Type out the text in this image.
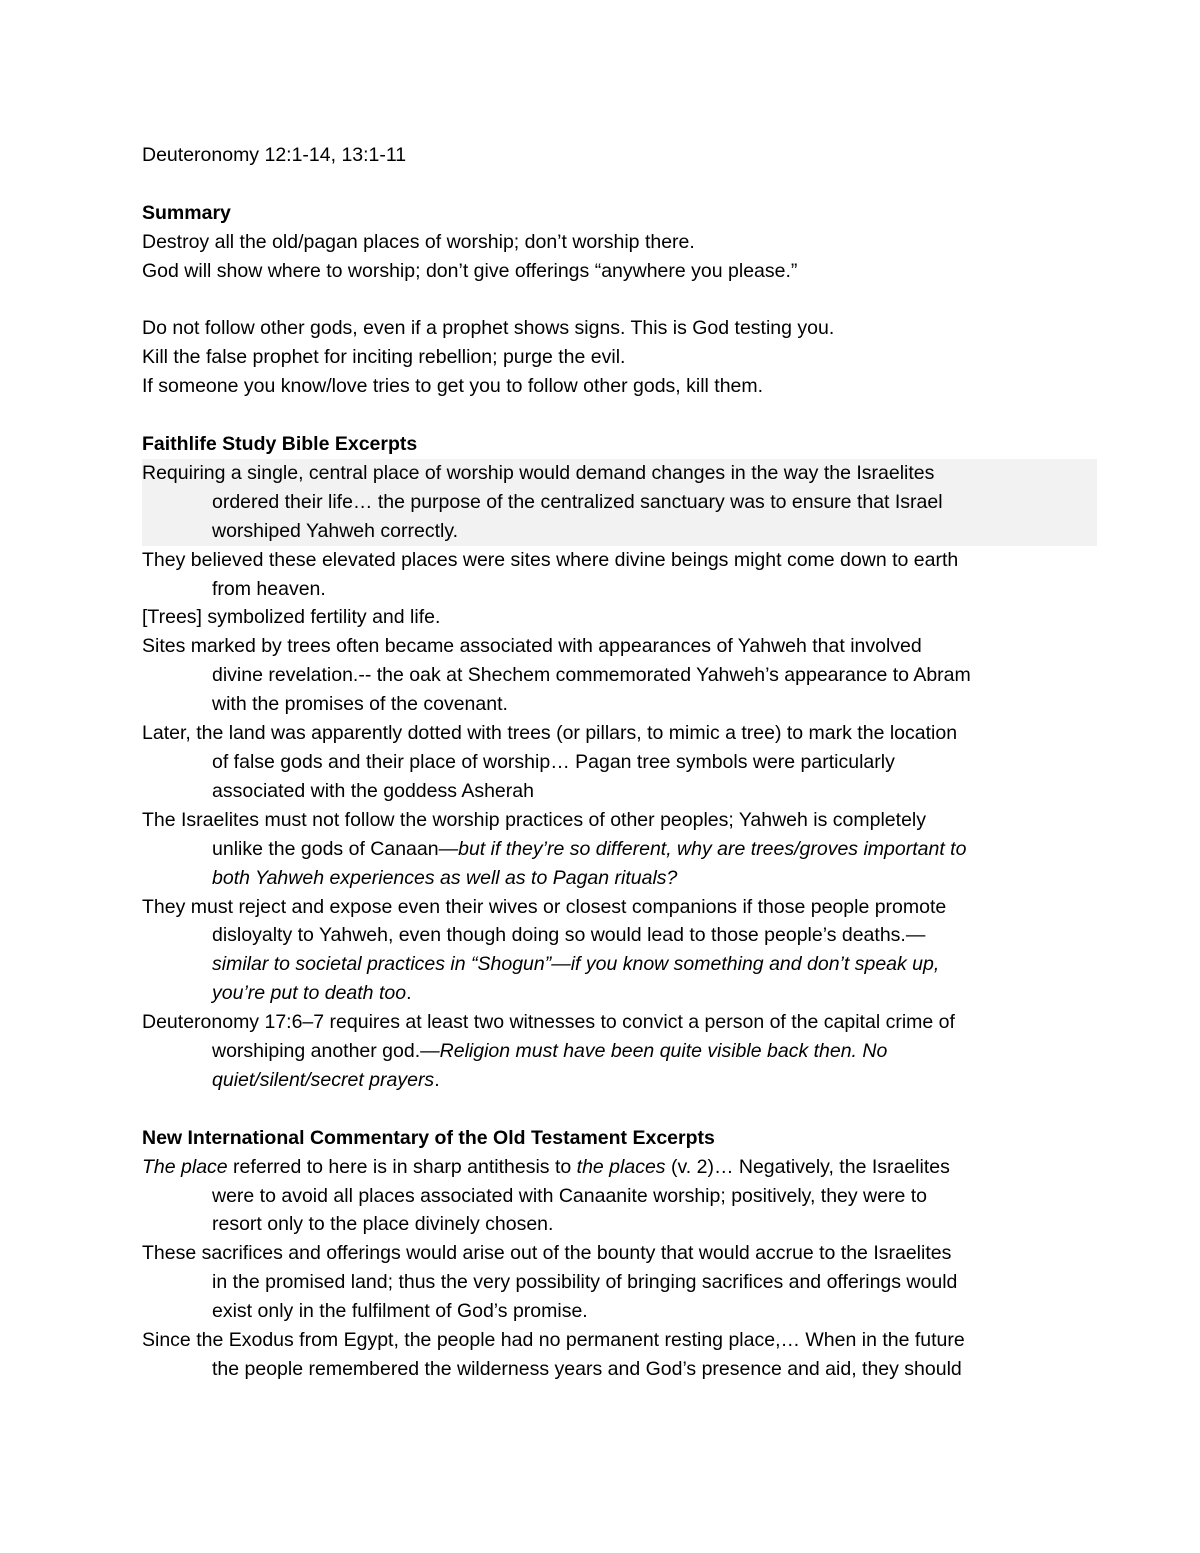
Deuteronomy 12:1-14, 13:1-11

Summary

Destroy all the old/pagan places of worship; don’t worship there.

God will show where to worship; don’t give offerings “anywhere you please.”

Do not follow other gods, even if a prophet shows signs. This is God testing you.

Kill the false prophet for inciting rebellion; purge the evil.

If someone you know/love tries to get you to follow other gods, kill them.

Faithlife Study Bible Excerpts

Requiring a single, central place of worship would demand changes in the way the Israelites
ordered their life… the purpose of the centralized sanctuary was to ensure that Israel
worshiped Yahweh correctly.
They believed these elevated places were sites where divine beings might come down to earth
from heaven.
[Trees] symbolized fertility and life.
Sites marked by trees often became associated with appearances of Yahweh that involved
divine revelation.-- the oak at Shechem commemorated Yahweh’s appearance to Abram
with the promises of the covenant.
Later, the land was apparently dotted with trees (or pillars, to mimic a tree) to mark the location
of false gods and their place of worship… Pagan tree symbols were particularly
associated with the goddess Asherah
The Israelites must not follow the worship practices of other peoples; Yahweh is completely
unlike the gods of Canaan—but if they’re so different, why are trees/groves important to
both Yahweh experiences as well as to Pagan rituals?
They must reject and expose even their wives or closest companions if those people promote
disloyalty to Yahweh, even though doing so would lead to those people’s deaths.—
similar to societal practices in “Shogun”—if you know something and don’t speak up,
you’re put to death too.
Deuteronomy 17:6–7 requires at least two witnesses to convict a person of the capital crime of
worshiping another god.—Religion must have been quite visible back then. No
quiet/silent/secret prayers.

New International Commentary of the Old Testament Excerpts

The place referred to here is in sharp antithesis to the places (v. 2)… Negatively, the Israelites
were to avoid all places associated with Canaanite worship; positively, they were to
resort only to the place divinely chosen.
These sacrifices and offerings would arise out of the bounty that would accrue to the Israelites
in the promised land; thus the very possibility of bringing sacrifices and offerings would
exist only in the fulfilment of God’s promise.
Since the Exodus from Egypt, the people had no permanent resting place,… When in the future
the people remembered the wilderness years and God’s presence and aid, they should
